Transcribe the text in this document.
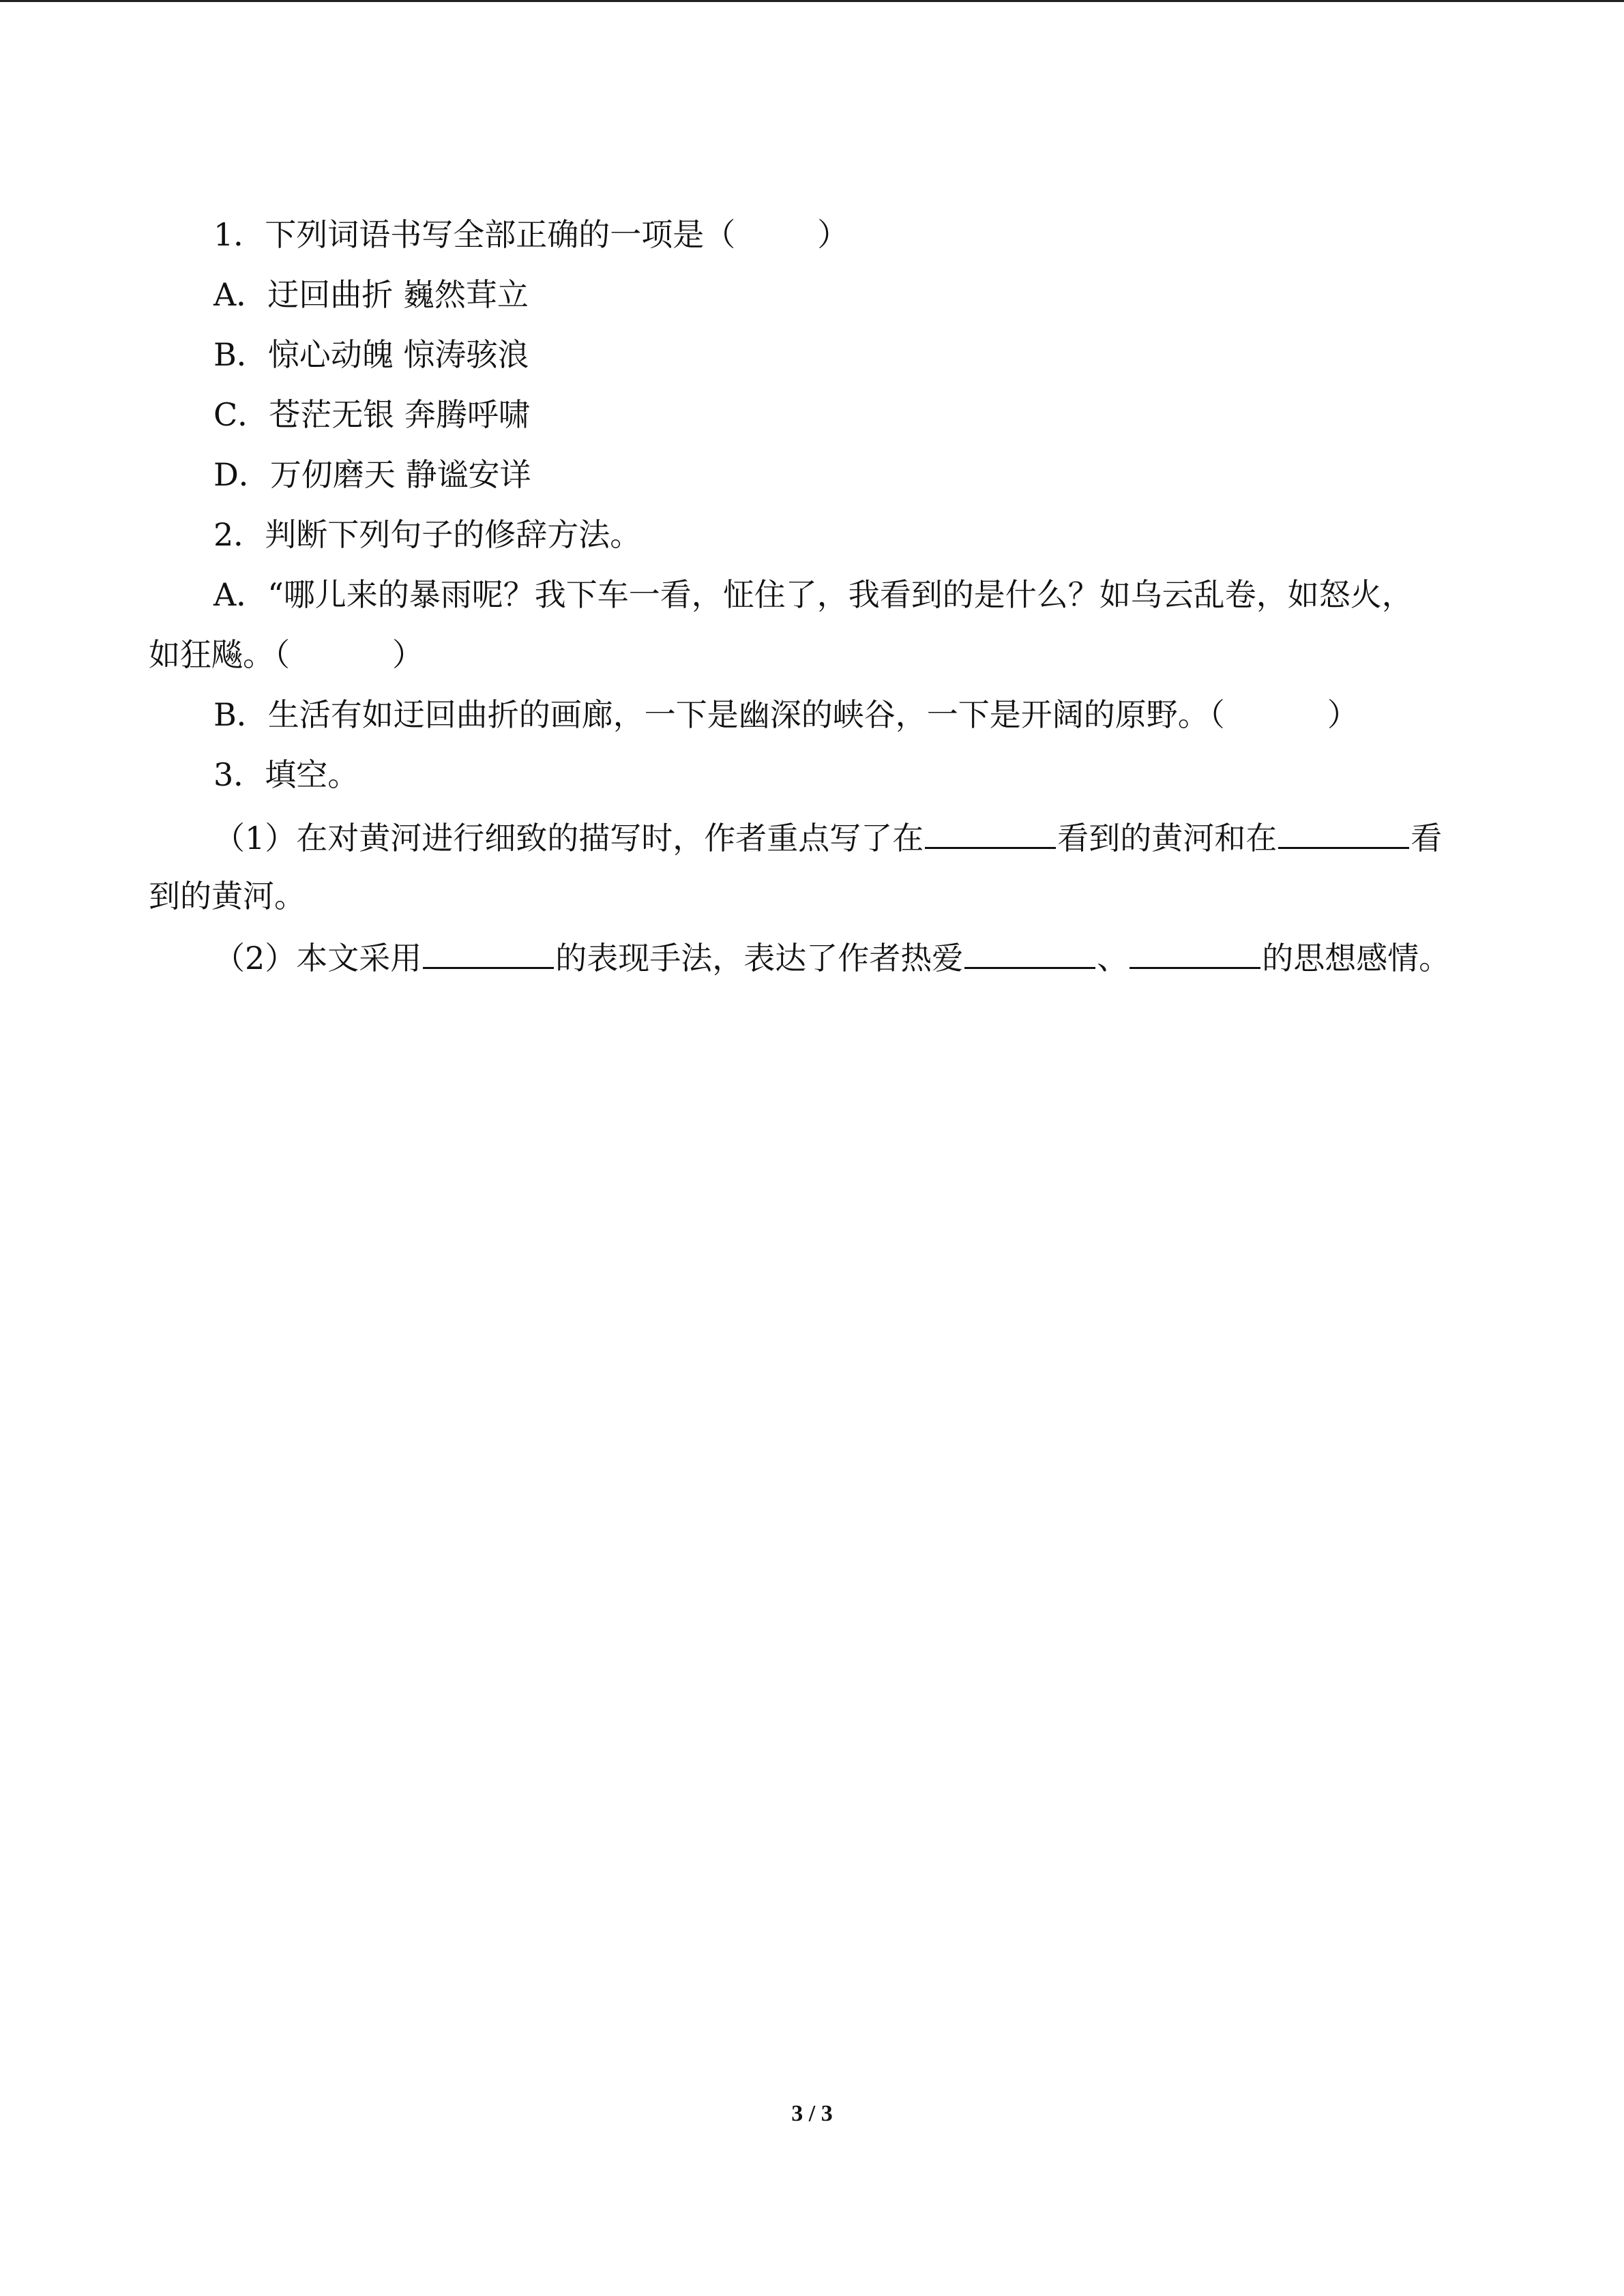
1．下列词语书写全部正确的一项是（	）
A．迂回曲折 巍然茸立
B．惊心动魄 惊涛骇浪
C．苍茫无银 奔腾呼啸
D．万仞磨天 静谧安详
2．判断下列句子的修辞方法。
A．“哪儿来的暴雨呢？我下车一看，怔住了，我看到的是什么？如乌云乱卷，如怒火，
如狂飚。（	）
B．生活有如迂回曲折的画廊，一下是幽深的峡谷，一下是开阔的原野。（	）
3．填空。
（1）在对黄河进行细致的描写时，作者重点写了在	看到的黄河和在	看
到的黄河。
（2）本文采用	的表现手法，表达了作者热爱	、	的思想感情。
3 / 3
